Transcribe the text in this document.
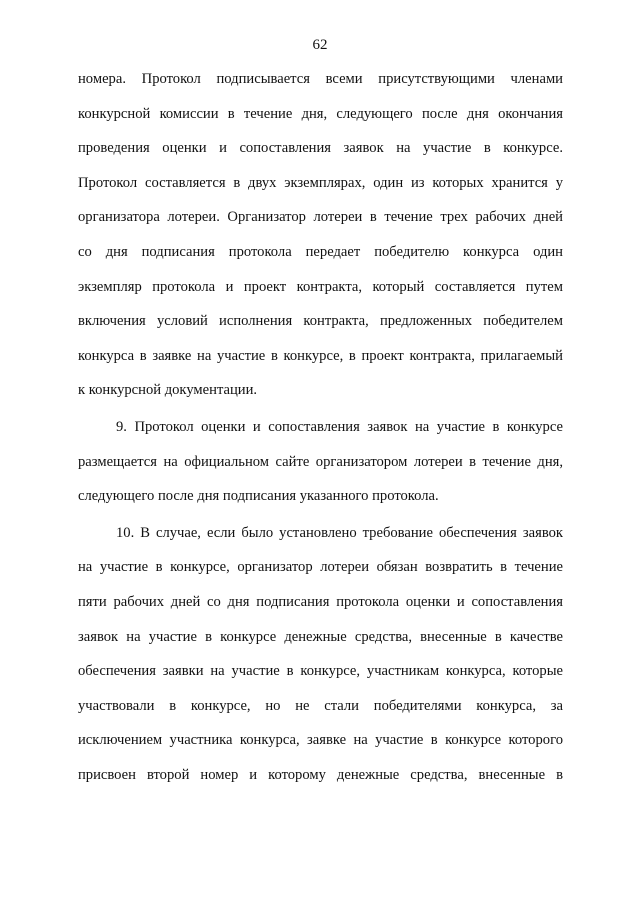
62
номера. Протокол подписывается всеми присутствующими членами
конкурсной комиссии в течение дня, следующего после дня окончания
проведения оценки и сопоставления заявок на участие в конкурсе.
Протокол составляется в двух экземплярах, один из которых хранится у
организатора лотереи. Организатор лотереи в течение трех рабочих дней
со дня подписания протокола передает победителю конкурса один
экземпляр протокола и проект контракта, который составляется путем
включения условий исполнения контракта, предложенных победителем
конкурса в заявке на участие в конкурсе, в проект контракта, прилагаемый
к конкурсной документации.
9. Протокол оценки и сопоставления заявок на участие в конкурсе
размещается на официальном сайте организатором лотереи в течение дня,
следующего после дня подписания указанного протокола.
10. В случае, если было установлено требование обеспечения заявок
на участие в конкурсе, организатор лотереи обязан возвратить в течение
пяти рабочих дней со дня подписания протокола оценки и сопоставления
заявок на участие в конкурсе денежные средства, внесенные в качестве
обеспечения заявки на участие в конкурсе, участникам конкурса, которые
участвовали в конкурсе, но не стали победителями конкурса, за
исключением участника конкурса, заявке на участие в конкурсе которого
присвоен второй номер и которому денежные средства, внесенные в
